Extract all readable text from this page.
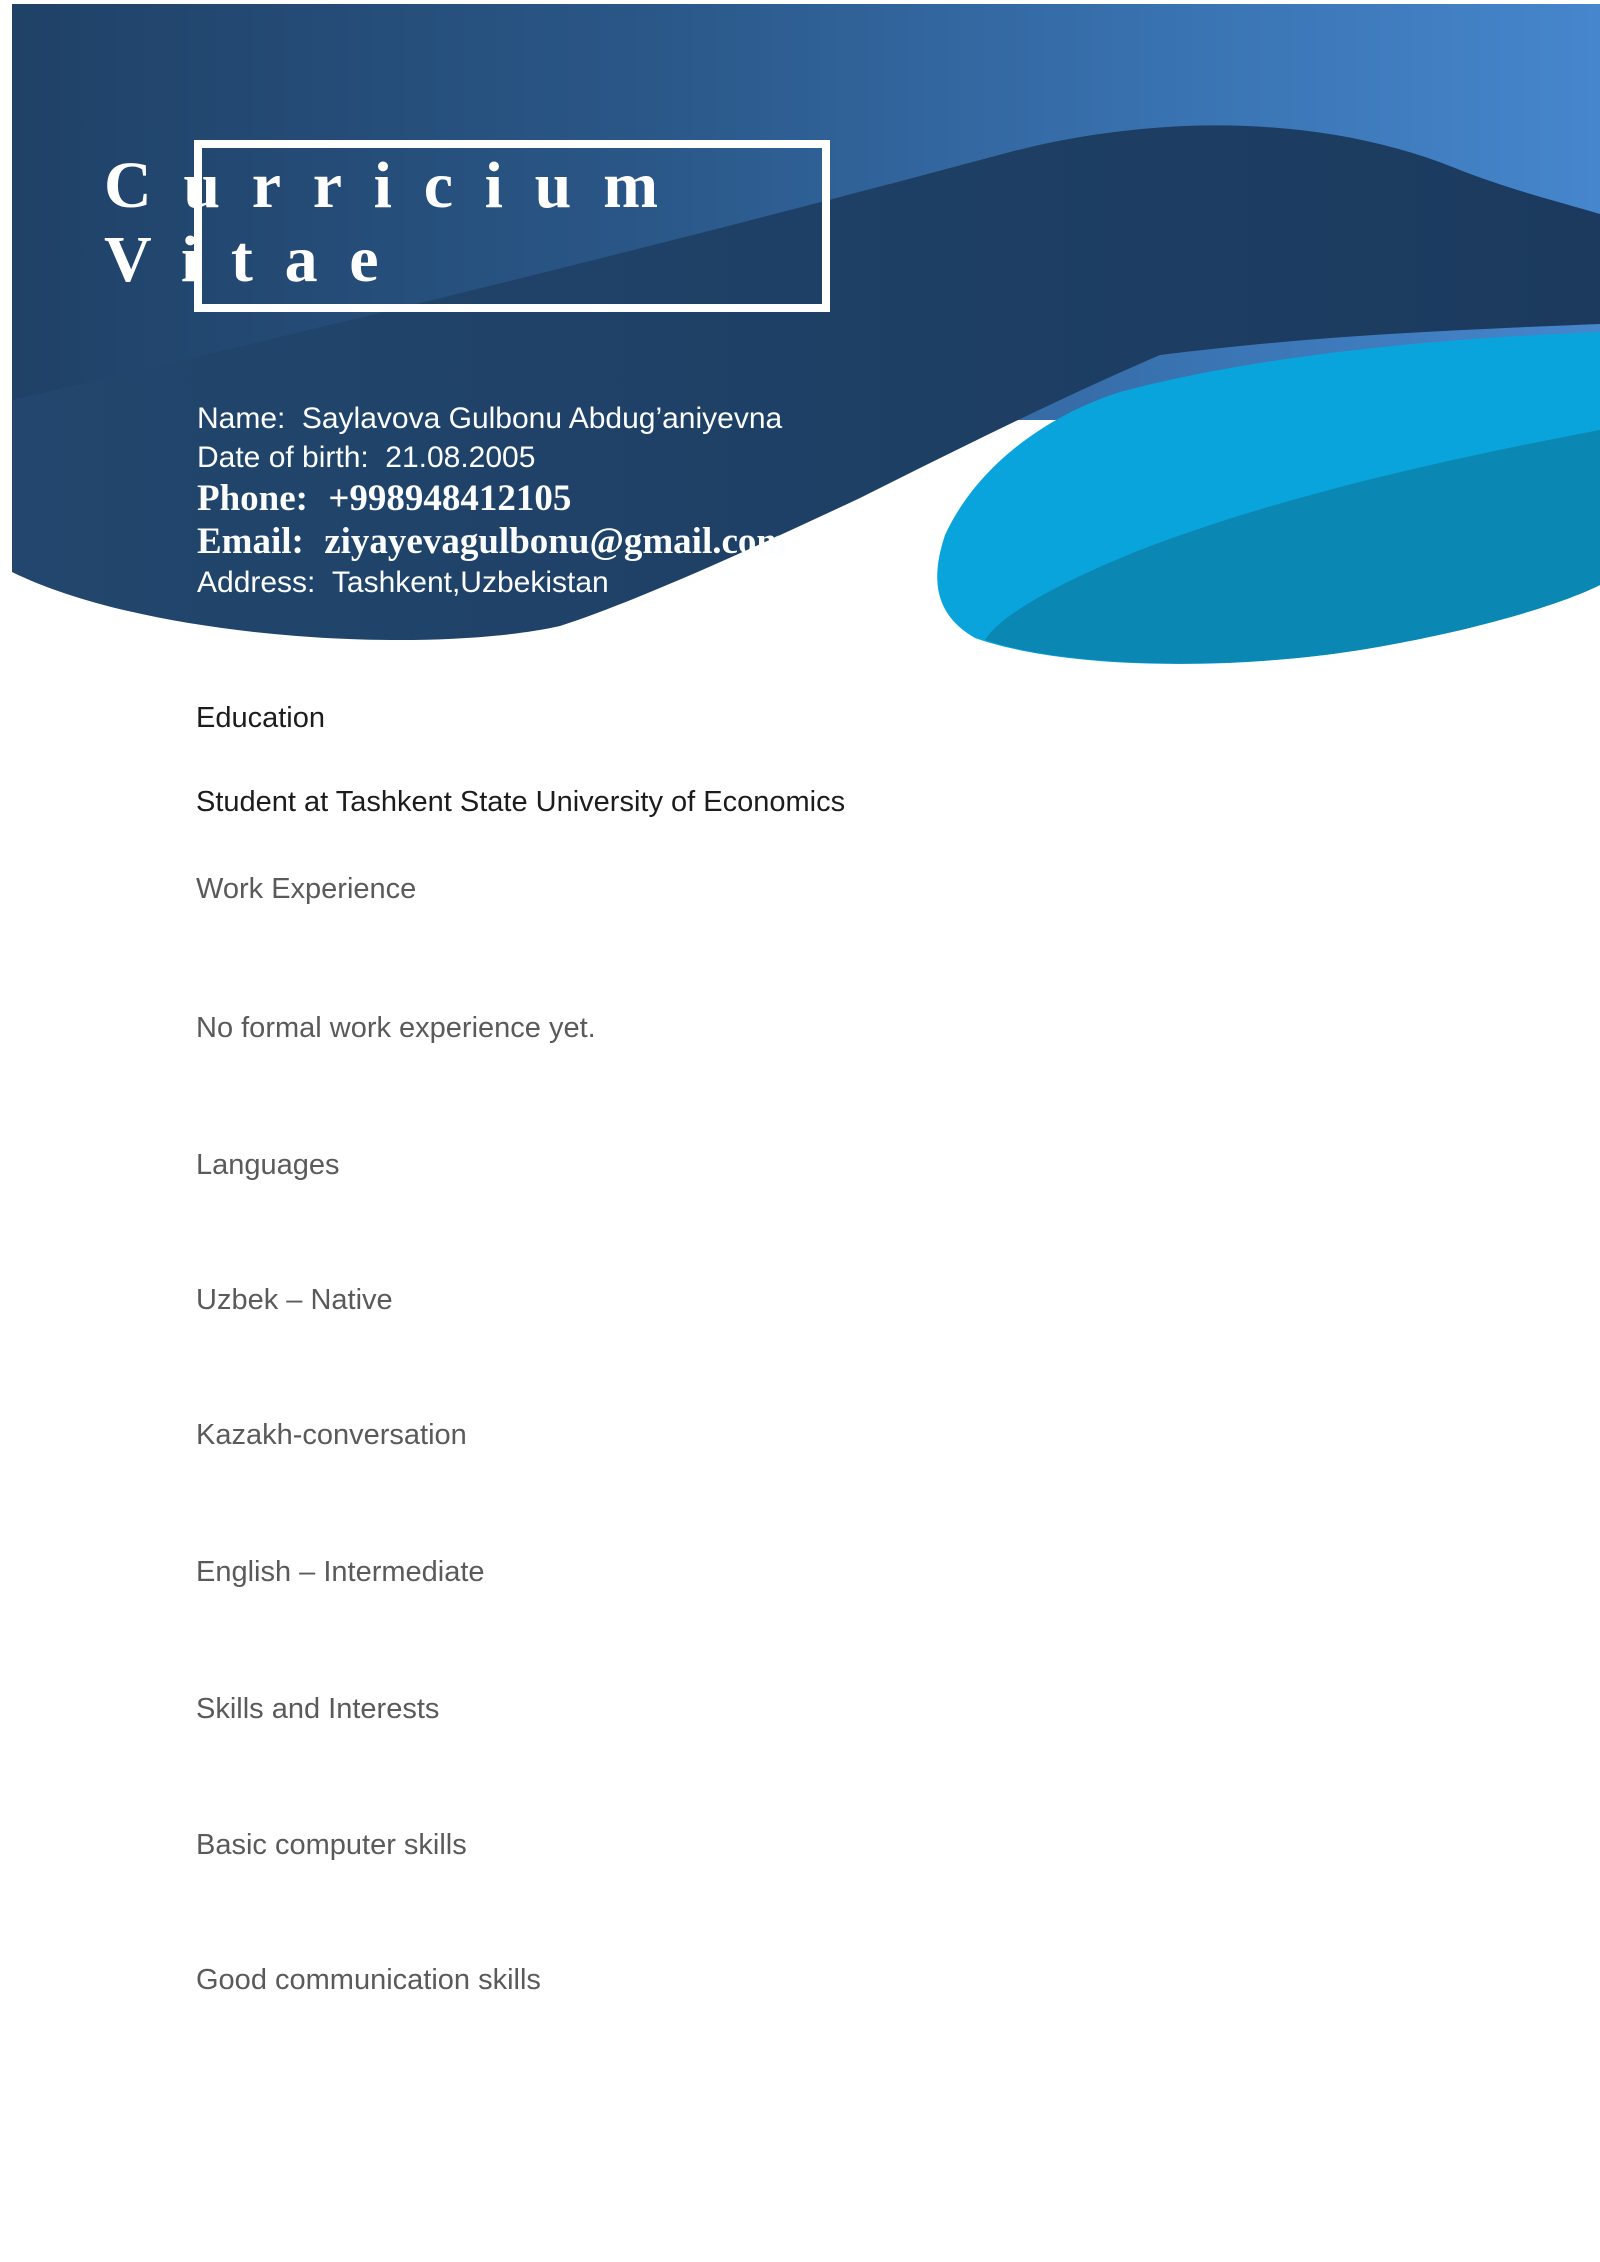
Curricium
Vitae
Name: Saylavova Gulbonu Abdug’aniyevna
Date of birth: 21.08.2005
Phone: +998948412105
Email: ziyayevagulbonu@gmail.com
Address: Tashkent,Uzbekistan
Education
Student at Tashkent State University of Economics
Work Experience
No formal work experience yet.
Languages
Uzbek – Native
Kazakh-conversation
English – Intermediate
Skills and Interests
Basic computer skills
Good communication skills
